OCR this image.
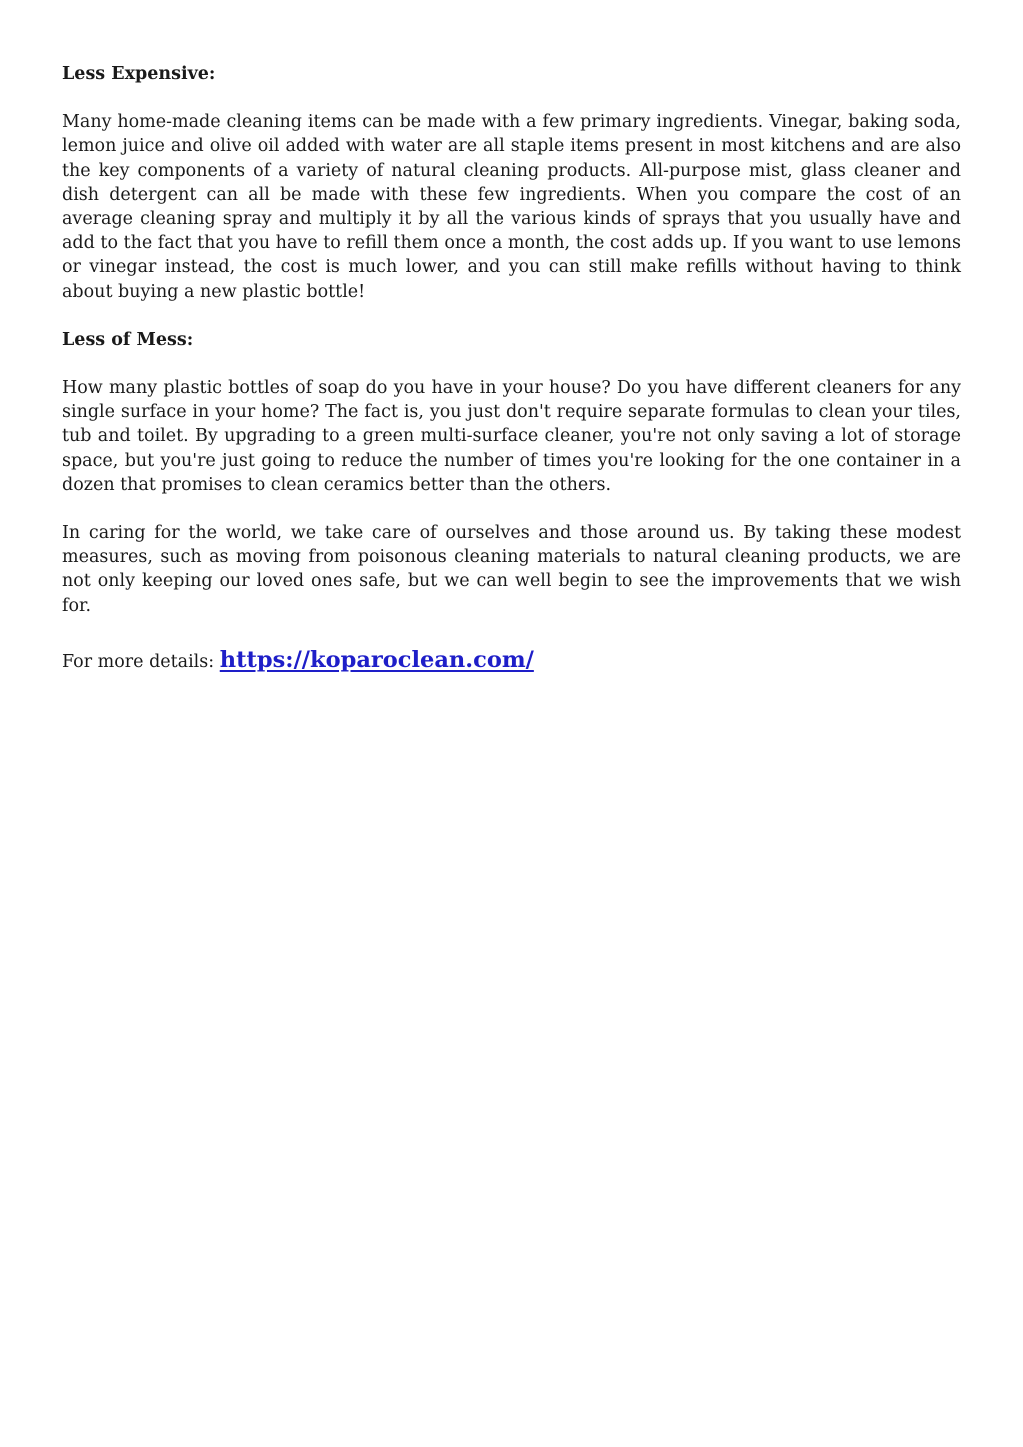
Less Expensive:

Many home-made cleaning items can be made with a few primary ingredients. Vinegar, baking soda, lemon juice and olive oil added with water are all staple items present in most kitchens and are also the key components of a variety of natural cleaning products. All-purpose mist, glass cleaner and dish detergent can all be made with these few ingredients. When you compare the cost of an average cleaning spray and multiply it by all the various kinds of sprays that you usually have and add to the fact that you have to refill them once a month, the cost adds up. If you want to use lemons or vinegar instead, the cost is much lower, and you can still make refills without having to think about buying a new plastic bottle!

Less of Mess:

How many plastic bottles of soap do you have in your house? Do you have different cleaners for any single surface in your home? The fact is, you just don't require separate formulas to clean your tiles, tub and toilet. By upgrading to a green multi-surface cleaner, you're not only saving a lot of storage space, but you're just going to reduce the number of times you're looking for the one container in a dozen that promises to clean ceramics better than the others.

In caring for the world, we take care of ourselves and those around us. By taking these modest measures, such as moving from poisonous cleaning materials to natural cleaning products, we are not only keeping our loved ones safe, but we can well begin to see the improvements that we wish for.

For more details: https://koparoclean.com/
